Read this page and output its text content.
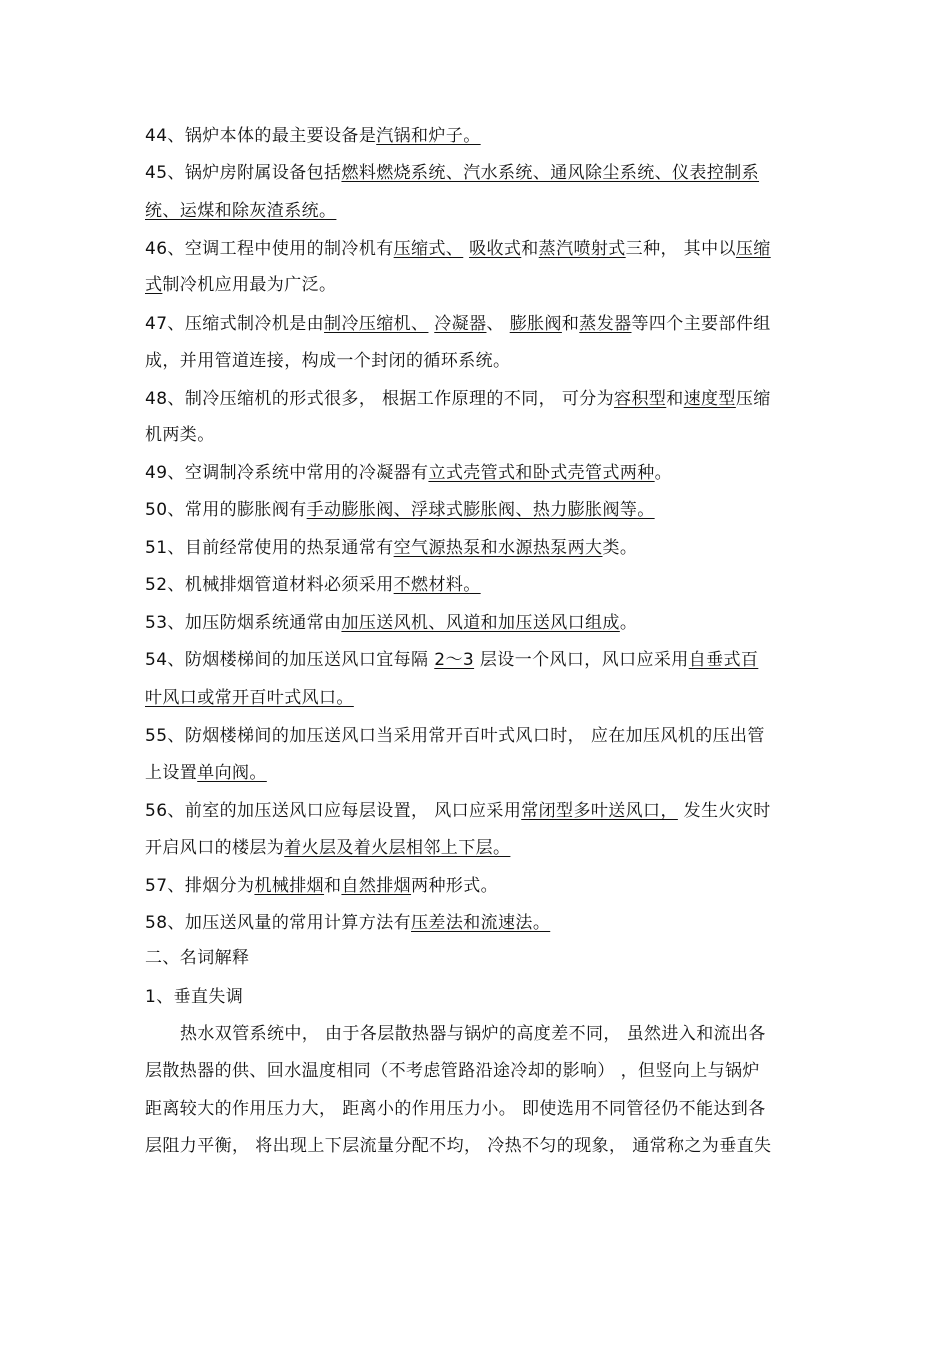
44、锅炉本体的最主要设备是汽锅和炉子。
45、锅炉房附属设备包括燃料燃烧系统、汽水系统、通风除尘系统、仪表控制系
统、运煤和除灰渣系统。
46、空调工程中使用的制冷机有压缩式、 吸收式和蒸汽喷射式三种， 其中以压缩
式制冷机应用最为广泛。
47、压缩式制冷机是由制冷压缩机、 冷凝器、 膨胀阀和蒸发器等四个主要部件组
成，并用管道连接，构成一个封闭的循环系统。
48、制冷压缩机的形式很多， 根据工作原理的不同， 可分为容积型和速度型压缩
机两类。
49、空调制冷系统中常用的冷凝器有立式壳管式和卧式壳管式两种。
50、常用的膨胀阀有手动膨胀阀、浮球式膨胀阀、热力膨胀阀等。
51、目前经常使用的热泵通常有空气源热泵和水源热泵两大类。
52、机械排烟管道材料必须采用不燃材料。
53、加压防烟系统通常由加压送风机、风道和加压送风口组成。
54、防烟楼梯间的加压送风口宜每隔 2～3 层设一个风口，风口应采用自垂式百
叶风口或常开百叶式风口。
55、防烟楼梯间的加压送风口当采用常开百叶式风口时， 应在加压风机的压出管
上设置单向阀。
56、前室的加压送风口应每层设置， 风口应采用常闭型多叶送风口， 发生火灾时
开启风口的楼层为着火层及着火层相邻上下层。
57、排烟分为机械排烟和自然排烟两种形式。
58、加压送风量的常用计算方法有压差法和流速法。
二、名词解释
1、垂直失调
热水双管系统中， 由于各层散热器与锅炉的高度差不同， 虽然进入和流出各
层散热器的供、回水温度相同（不考虑管路沿途冷却的影响） ，但竖向上与锅炉
距离较大的作用压力大， 距离小的作用压力小。 即使选用不同管径仍不能达到各
层阻力平衡， 将出现上下层流量分配不均， 冷热不匀的现象， 通常称之为垂直失
